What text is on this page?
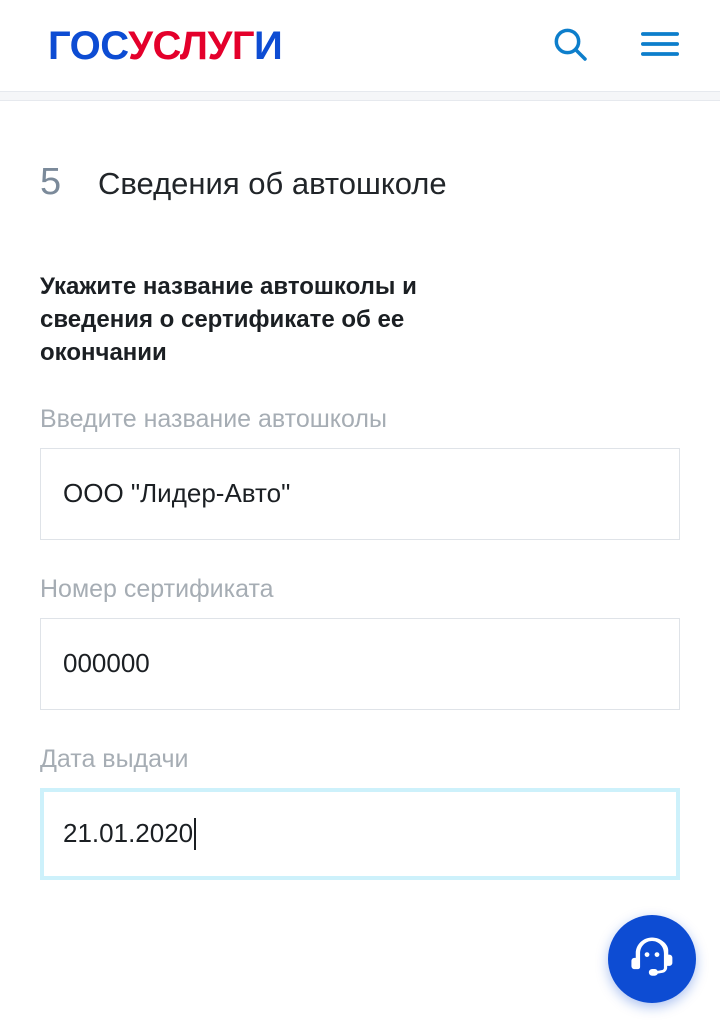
ГОСУСЛУГИ
5	Сведения об автошколе
Укажите название автошколы и сведения о сертификате об ее окончании
Введите название автошколы
ООО "Лидер-Авто"
Номер сертификата
000000
Дата выдачи
21.01.2020
